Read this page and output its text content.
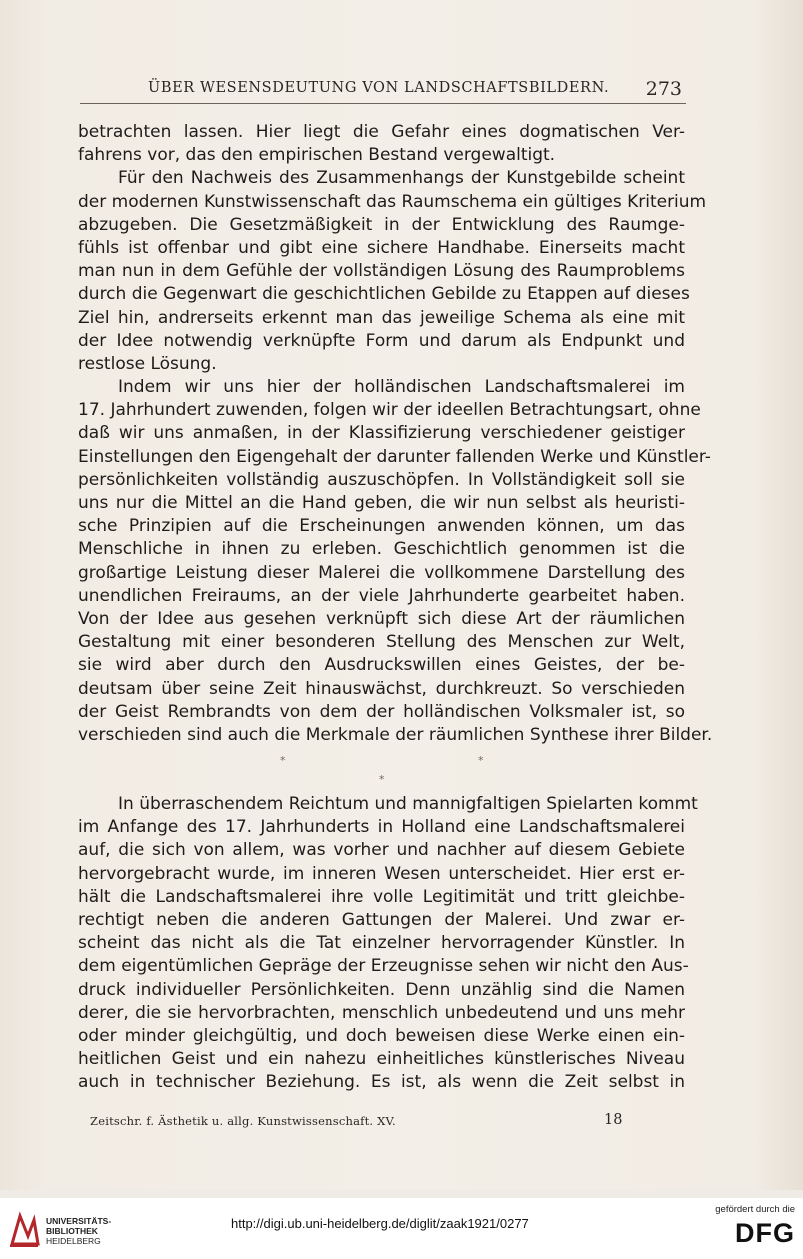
ÜBER WESENSDEUTUNG VON LANDSCHAFTSBILDERN. 273
betrachten lassen. Hier liegt die Gefahr eines dogmatischen Ver-
fahrens vor, das den empirischen Bestand vergewaltigt.
Für den Nachweis des Zusammenhangs der Kunstgebilde scheint
der modernen Kunstwissenschaft das Raumschema ein gültiges Kriterium
abzugeben. Die Gesetzmäßigkeit in der Entwicklung des Raumge-
fühls ist offenbar und gibt eine sichere Handhabe. Einerseits macht
man nun in dem Gefühle der vollständigen Lösung des Raumproblems
durch die Gegenwart die geschichtlichen Gebilde zu Etappen auf dieses
Ziel hin, andrerseits erkennt man das jeweilige Schema als eine mit
der Idee notwendig verknüpfte Form und darum als Endpunkt und
restlose Lösung.
Indem wir uns hier der holländischen Landschaftsmalerei im
17. Jahrhundert zuwenden, folgen wir der ideellen Betrachtungsart, ohne
daß wir uns anmaßen, in der Klassifizierung verschiedener geistiger
Einstellungen den Eigengehalt der darunter fallenden Werke und Künstler-
persönlichkeiten vollständig auszuschöpfen. In Vollständigkeit soll sie
uns nur die Mittel an die Hand geben, die wir nun selbst als heuristi-
sche Prinzipien auf die Erscheinungen anwenden können, um das
Menschliche in ihnen zu erleben. Geschichtlich genommen ist die
großartige Leistung dieser Malerei die vollkommene Darstellung des
unendlichen Freiraums, an der viele Jahrhunderte gearbeitet haben.
Von der Idee aus gesehen verknüpft sich diese Art der räumlichen
Gestaltung mit einer besonderen Stellung des Menschen zur Welt,
sie wird aber durch den Ausdruckswillen eines Geistes, der be-
deutsam über seine Zeit hinauswächst, durchkreuzt. So verschieden
der Geist Rembrandts von dem der holländischen Volksmaler ist, so
verschieden sind auch die Merkmale der räumlichen Synthese ihrer Bilder.
*	*
*
In überraschendem Reichtum und mannigfaltigen Spielarten kommt
im Anfange des 17. Jahrhunderts in Holland eine Landschaftsmalerei
auf, die sich von allem, was vorher und nachher auf diesem Gebiete
hervorgebracht wurde, im inneren Wesen unterscheidet. Hier erst er-
hält die Landschaftsmalerei ihre volle Legitimität und tritt gleichbe-
rechtigt neben die anderen Gattungen der Malerei. Und zwar er-
scheint das nicht als die Tat einzelner hervorragender Künstler. In
dem eigentümlichen Gepräge der Erzeugnisse sehen wir nicht den Aus-
druck individueller Persönlichkeiten. Denn unzählig sind die Namen
derer, die sie hervorbrachten, menschlich unbedeutend und uns mehr
oder minder gleichgültig, und doch beweisen diese Werke einen ein-
heitlichen Geist und ein nahezu einheitliches künstlerisches Niveau
auch in technischer Beziehung. Es ist, als wenn die Zeit selbst in
Zeitschr. f. Ästhetik u. allg. Kunstwissenschaft. XV.	18
UNIVERSITÄTS-
BIBLIOTHEK
HEIDELBERG
http://digi.ub.uni-heidelberg.de/diglit/zaak1921/0277
gefördert durch die
DFG
